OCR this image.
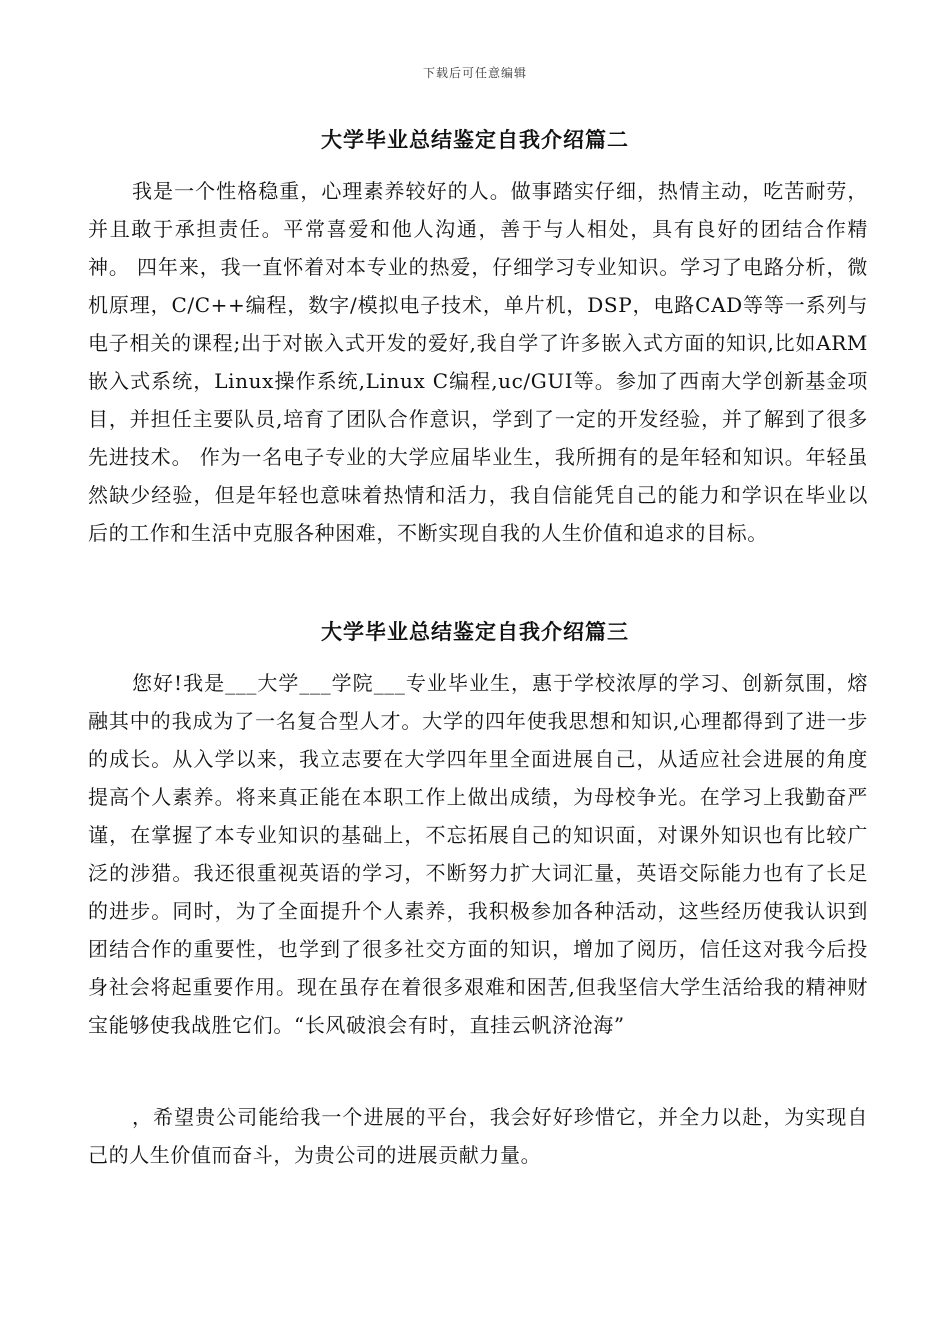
下载后可任意编辑
大学毕业总结鉴定自我介绍篇二

我是一个性格稳重，心理素养较好的人。做事踏实仔细，热情主动，吃苦耐劳，并且敢于承担责任。平常喜爱和他人沟通，善于与人相处，具有良好的团结合作精神。 四年来，我一直怀着对本专业的热爱，仔细学习专业知识。学习了电路分析，微机原理，C/C++编程，数字/模拟电子技术，单片机，DSP，电路CAD等等一系列与电子相关的课程;出于对嵌入式开发的爱好,我自学了许多嵌入式方面的知识,比如ARM嵌入式系统，Linux操作系统,Linux C编程,uc/GUI等。参加了西南大学创新基金项目，并担任主要队员,培育了团队合作意识，学到了一定的开发经验，并了解到了很多先进技术。 作为一名电子专业的大学应届毕业生，我所拥有的是年轻和知识。年轻虽然缺少经验，但是年轻也意味着热情和活力，我自信能凭自己的能力和学识在毕业以后的工作和生活中克服各种困难，不断实现自我的人生价值和追求的目标。

大学毕业总结鉴定自我介绍篇三

您好!我是___大学___学院___专业毕业生，惠于学校浓厚的学习、创新氛围，熔融其中的我成为了一名复合型人才。大学的四年使我思想和知识,心理都得到了进一步的成长。从入学以来，我立志要在大学四年里全面进展自己，从适应社会进展的角度提高个人素养。将来真正能在本职工作上做出成绩，为母校争光。在学习上我勤奋严谨，在掌握了本专业知识的基础上，不忘拓展自己的知识面，对课外知识也有比较广泛的涉猎。我还很重视英语的学习，不断努力扩大词汇量，英语交际能力也有了长足的进步。同时，为了全面提升个人素养，我积极参加各种活动，这些经历使我认识到团结合作的重要性，也学到了很多社交方面的知识，增加了阅历，信任这对我今后投身社会将起重要作用。现在虽存在着很多艰难和困苦,但我坚信大学生活给我的精神财宝能够使我战胜它们。“长风破浪会有时，直挂云帆济沧海”

，希望贵公司能给我一个进展的平台，我会好好珍惜它，并全力以赴，为实现自己的人生价值而奋斗，为贵公司的进展贡献力量。
